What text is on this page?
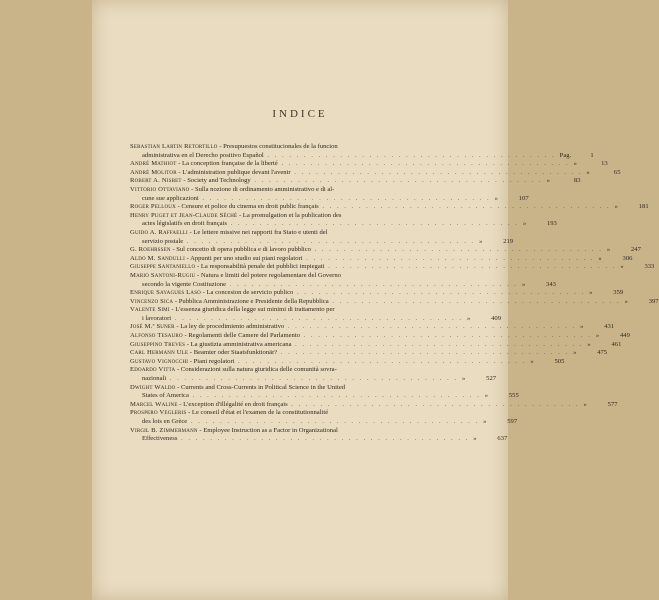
INDICE
Sebastian Lartin Retortillo - Presupuestos constitucionales de la funcion
administrativa en el Derecho positivo Español . . . . . . . . . . . . . . . . . . . . . . . . . . . . . . . . . . . . . . . . Pag.	1
André Mathiot - La conception française de la liberté . . . . . . . . . . . . . . . . . . . . . . . . . . . . . . . . . . . . . . . . »	13
André Molitor - L'administration publique devant l'avenir . . . . . . . . . . . . . . . . . . . . . . . . . . . . . . . . . . . . . . . . »	65
Robert A. Nisbet - Society and Technology . . . . . . . . . . . . . . . . . . . . . . . . . . . . . . . . . . . . . . . . »	83
Vittorio Ottaviano - Sulla nozione di ordinamento amministrativo e di al-
cune sue applicazioni . . . . . . . . . . . . . . . . . . . . . . . . . . . . . . . . . . . . . . . . »	107
Roger Pelloux - Censure et police du cinema en droit public français . . . . . . . . . . . . . . . . . . . . . . . . . . . . . . . . . . . . . . . . »	181
Henry Puget et Jean-Claude Séché - La promulgation et la publication des
actes législatifs en droit français . . . . . . . . . . . . . . . . . . . . . . . . . . . . . . . . . . . . . . . . »	193
Guido A. Raffaelli - Le lettere missive nei rapporti fra Stato e utenti del
servizio postale . . . . . . . . . . . . . . . . . . . . . . . . . . . . . . . . . . . . . . . . »	219
G. Roehrssen - Sul concetto di opera pubblica e di lavoro pubblico . . . . . . . . . . . . . . . . . . . . . . . . . . . . . . . . . . . . . . . . »	247
Aldo M. Sandulli - Appunti per uno studio sui piani regolatori . . . . . . . . . . . . . . . . . . . . . . . . . . . . . . . . . . . . . . . . »	306
Giuseppe Santaniello - La responsabilità penale dei pubblici impiegati . . . . . . . . . . . . . . . . . . . . . . . . . . . . . . . . . . . . . . . . »	333
Mario Santoni-Rugiu - Natura e limiti del potere regolamentare del Governo
secondo la vigente Costituzione . . . . . . . . . . . . . . . . . . . . . . . . . . . . . . . . . . . . . . . . »	343
Enrique Sayagues Laso - La concesion de servicio publico . . . . . . . . . . . . . . . . . . . . . . . . . . . . . . . . . . . . . . . . »	359
Vincenzo Sica - Pubblica Amministrazione e Presidente della Repubblica . . . . . . . . . . . . . . . . . . . . . . . . . . . . . . . . . . . . . . . . »	397
Valente Simi - L'essenza giuridica della legge sui minimi di trattamento per
i lavoratori . . . . . . . . . . . . . . . . . . . . . . . . . . . . . . . . . . . . . . . . »	409
José M.ª Suner - La ley de procedimiento administrativo . . . . . . . . . . . . . . . . . . . . . . . . . . . . . . . . . . . . . . . . »	431
Alfonso Tesauro - Regolamenti delle Camere del Parlamento . . . . . . . . . . . . . . . . . . . . . . . . . . . . . . . . . . . . . . . . »	449
Giuseppino Treves - La giustizia amministrativa americana . . . . . . . . . . . . . . . . . . . . . . . . . . . . . . . . . . . . . . . . »	461
Carl Hermann Ule - Beamter oder Staatsfunktionär? . . . . . . . . . . . . . . . . . . . . . . . . . . . . . . . . . . . . . . . . »	475
Gustavo Vignocchi - Piani regolatori . . . . . . . . . . . . . . . . . . . . . . . . . . . . . . . . . . . . . . . . »	505
Edoardo Vitta - Considerazioni sulla natura giuridica delle comunità sovra-
nazionali . . . . . . . . . . . . . . . . . . . . . . . . . . . . . . . . . . . . . . . . »	527
Dwight Waldo - Currents and Cross-Currents in Political Science in the United
States of America . . . . . . . . . . . . . . . . . . . . . . . . . . . . . . . . . . . . . . . . »	555
Marcel Waline - L'exception d'illégalité en droit français . . . . . . . . . . . . . . . . . . . . . . . . . . . . . . . . . . . . . . . . »	577
Prospero Vegleris - Le conseil d'état et l'examen de la constitutionnalité
des lois en Grèce . . . . . . . . . . . . . . . . . . . . . . . . . . . . . . . . . . . . . . . . »	597
Virgil B. Zimmermann - Employee Instruction as a Factor in Organizational
Effectiveness . . . . . . . . . . . . . . . . . . . . . . . . . . . . . . . . . . . . . . . . »	637
